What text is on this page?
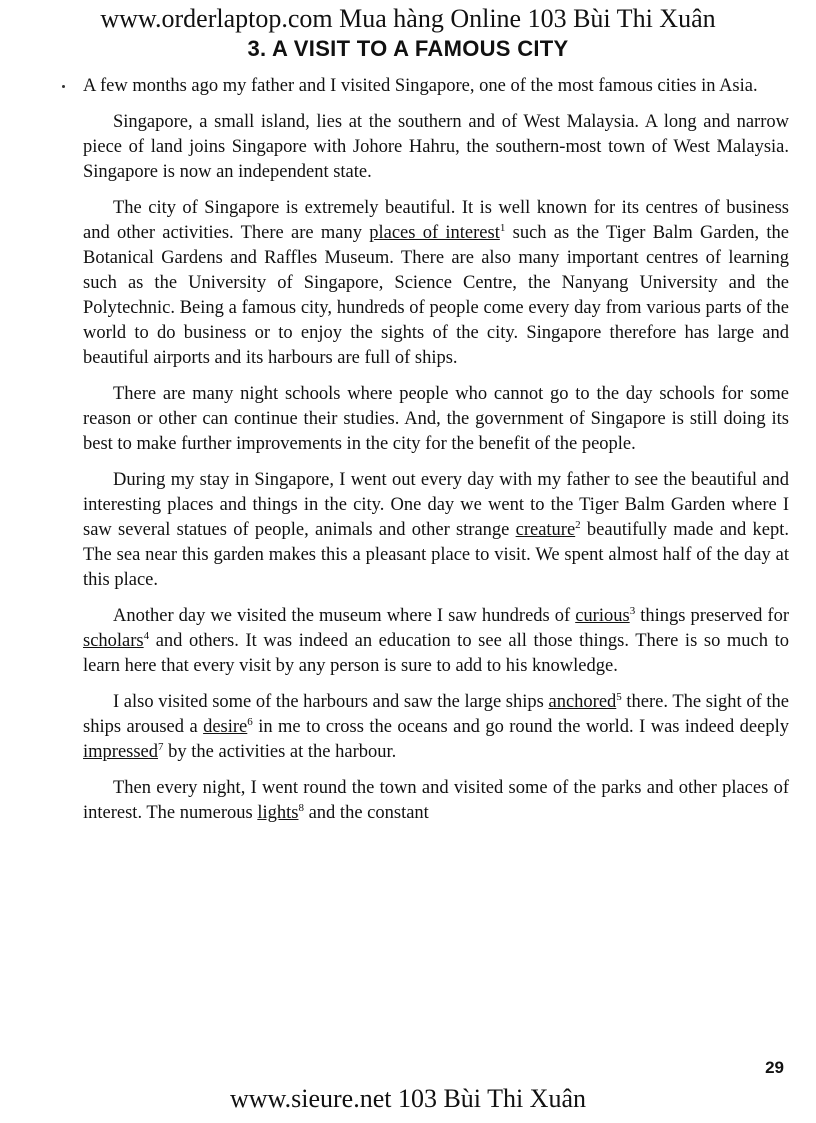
www.orderlaptop.com Mua hàng Online 103 Bùi Thi Xuân
3. A VISIT TO A FAMOUS CITY

A few months ago my father and I visited Singapore, one of the most famous cities in Asia.

Singapore, a small island, lies at the southern and of West Malaysia. A long and narrow piece of land joins Singapore with Johore Hahru, the southern-most town of West Malaysia. Singapore is now an independent state.

The city of Singapore is extremely beautiful. It is well known for its centres of business and other activities. There are many places of interest$^1$ such as the Tiger Balm Garden, the Botanical Gardens and Raffles Museum. There are also many important centres of learning such as the University of Singapore, Science Centre, the Nanyang University and the Polytechnic. Being a famous city, hundreds of people come every day from various parts of the world to do business or to enjoy the sights of the city. Singapore therefore has large and beautiful airports and its harbours are full of ships.

There are many night schools where people who cannot go to the day schools for some reason or other can continue their studies. And, the government of Singapore is still doing its best to make further improvements in the city for the benefit of the people.

During my stay in Singapore, I went out every day with my father to see the beautiful and interesting places and things in the city. One day we went to the Tiger Balm Garden where I saw several statues of people, animals and other strange creature$^2$ beautifully made and kept. The sea near this garden makes this a pleasant place to visit. We spent almost half of the day at this place.

Another day we visited the museum where I saw hundreds of curious$^3$ things preserved for scholars$^4$ and others. It was indeed an education to see all those things. There is so much to learn here that every visit by any person is sure to add to his knowledge.

I also visited some of the harbours and saw the large ships anchored$^5$ there. The sight of the ships aroused a desire$^6$ in me to cross the oceans and go round the world. I was indeed deeply impressed$^7$ by the activities at the harbour.

Then every night, I went round the town and visited some of the parks and other places of interest. The numerous lights$^8$ and the constant

29
www.sieure.net 103 Bùi Thi Xuân
